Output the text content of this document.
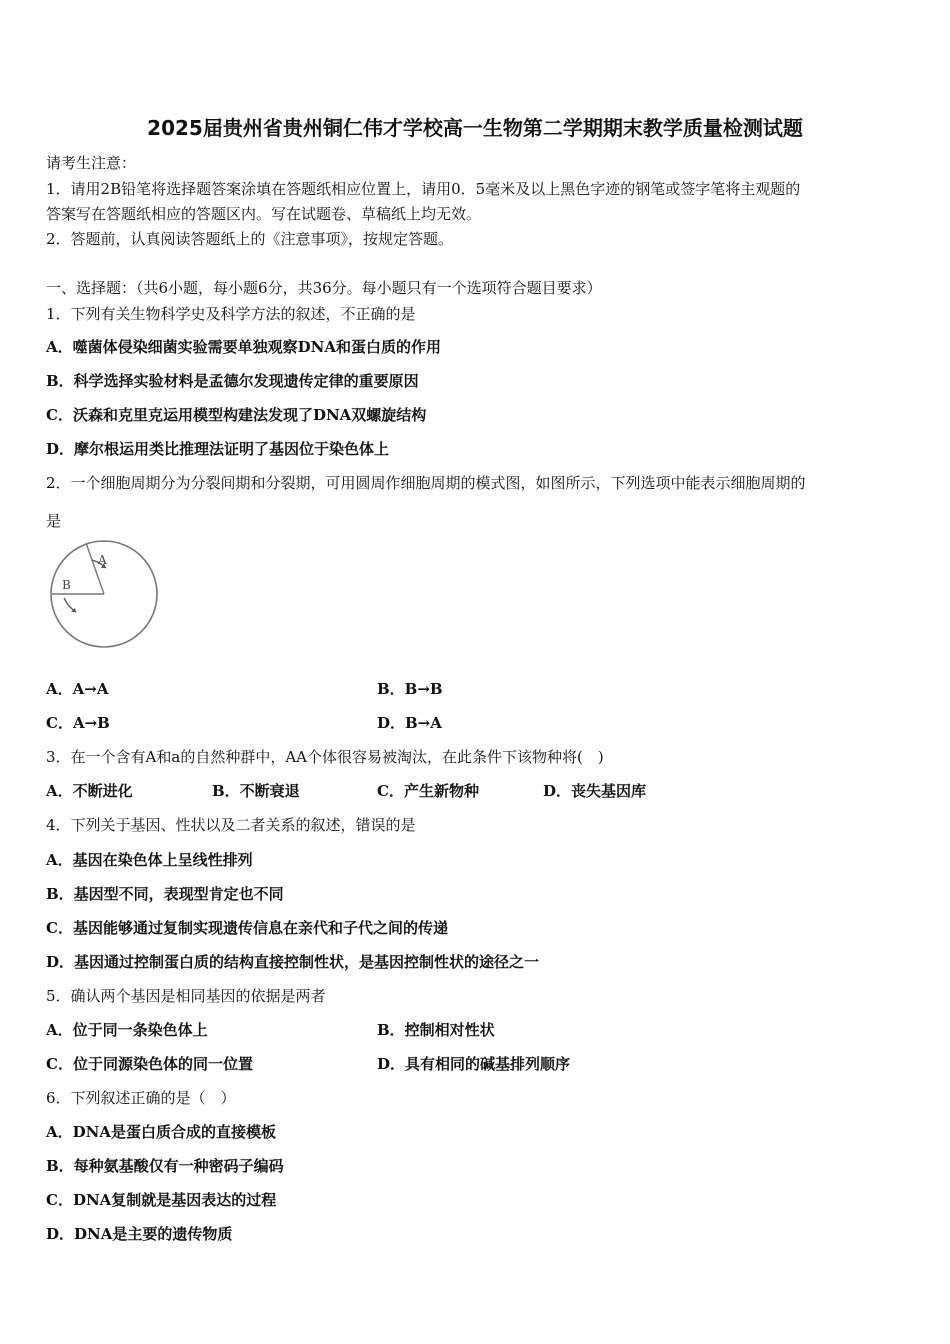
2025届贵州省贵州铜仁伟才学校高一生物第二学期期末教学质量检测试题
请考生注意：
1．请用2B铅笔将选择题答案涂填在答题纸相应位置上，请用0．5毫米及以上黑色字迹的钢笔或签字笔将主观题的
答案写在答题纸相应的答题区内。写在试题卷、草稿纸上均无效。
2．答题前，认真阅读答题纸上的《注意事项》，按规定答题。
一、选择题：（共6小题，每小题6分，共36分。每小题只有一个选项符合题目要求）
1．下列有关生物科学史及科学方法的叙述，不正确的是
A．噬菌体侵染细菌实验需要单独观察DNA和蛋白质的作用
B．科学选择实验材料是孟德尔发现遗传定律的重要原因
C．沃森和克里克运用模型构建法发现了DNA双螺旋结构
D．摩尔根运用类比推理法证明了基因位于染色体上
2．一个细胞周期分为分裂间期和分裂期，可用圆周作细胞周期的模式图，如图所示，下列选项中能表示细胞周期的
是
A
B
A．A→A	B．B→B
C．A→B	D．B→A
3．在一个含有A和a的自然种群中，AA个体很容易被淘汰，在此条件下该物种将(　)
A．不断进化	B．不断衰退	C．产生新物种	D．丧失基因库
4．下列关于基因、性状以及二者关系的叙述，错误的是
A．基因在染色体上呈线性排列
B．基因型不同，表现型肯定也不同
C．基因能够通过复制实现遗传信息在亲代和子代之间的传递
D．基因通过控制蛋白质的结构直接控制性状，是基因控制性状的途径之一
5．确认两个基因是相同基因的依据是两者
A．位于同一条染色体上	B．控制相对性状
C．位于同源染色体的同一位置	D．具有相同的碱基排列顺序
6．下列叙述正确的是（　）
A．DNA是蛋白质合成的直接模板
B．每种氨基酸仅有一种密码子编码
C．DNA复制就是基因表达的过程
D．DNA是主要的遗传物质
